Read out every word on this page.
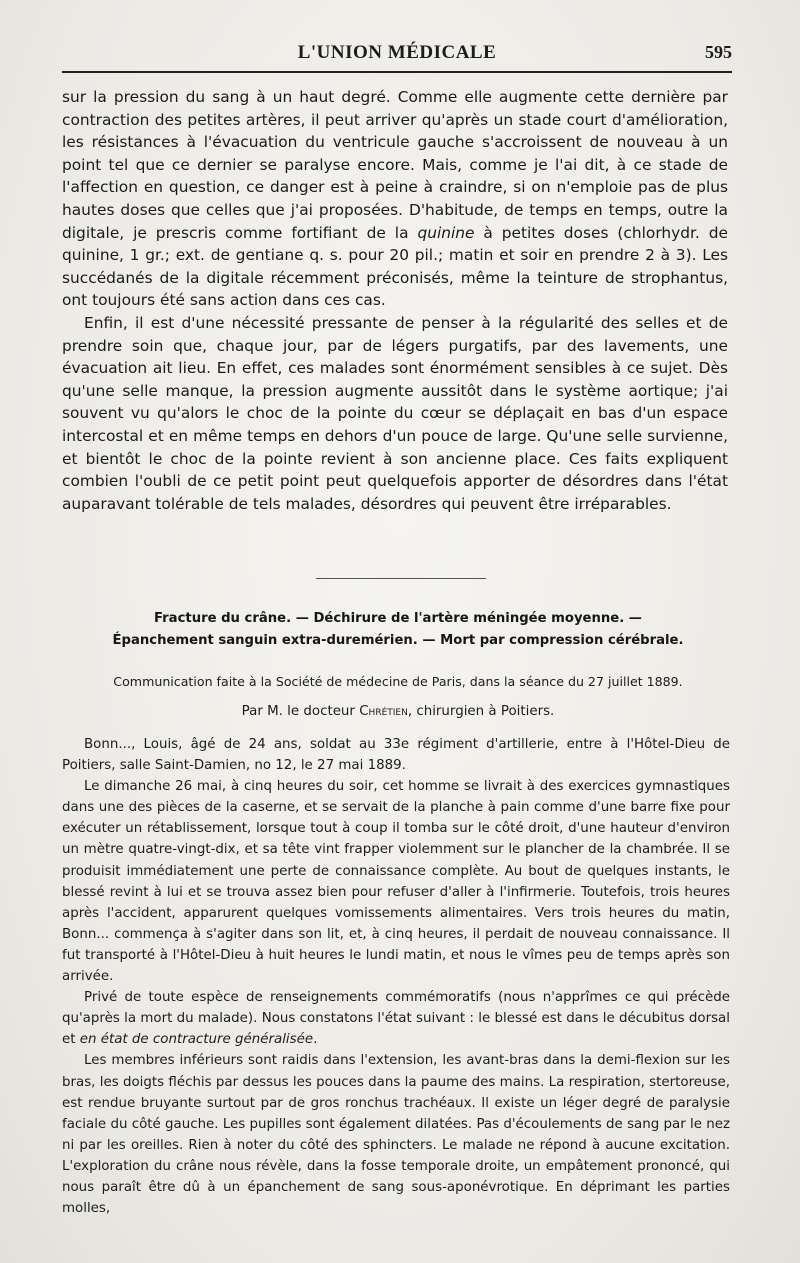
L'UNION MÉDICALE	595

sur la pression du sang à un haut degré. Comme elle augmente cette dernière par contraction des petites artères, il peut arriver qu'après un stade court d'amélioration, les résistances à l'évacuation du ventricule gauche s'accroissent de nouveau à un point tel que ce dernier se paralyse encore. Mais, comme je l'ai dit, à ce stade de l'affection en question, ce danger est à peine à craindre, si on n'emploie pas de plus hautes doses que celles que j'ai proposées. D'habitude, de temps en temps, outre la digitale, je prescris comme fortifiant de la quinine à petites doses (chlorhydr. de quinine, 1 gr.; ext. de gentiane q. s. pour 20 pil.; matin et soir en prendre 2 à 3). Les succédanés de la digitale récemment préconisés, même la teinture de strophantus, ont toujours été sans action dans ces cas.

Enfin, il est d'une nécessité pressante de penser à la régularité des selles et de prendre soin que, chaque jour, par de légers purgatifs, par des lavements, une évacuation ait lieu. En effet, ces malades sont énormément sensibles à ce sujet. Dès qu'une selle manque, la pression augmente aussitôt dans le système aortique; j'ai souvent vu qu'alors le choc de la pointe du cœur se déplaçait en bas d'un espace intercostal et en même temps en dehors d'un pouce de large. Qu'une selle survienne, et bientôt le choc de la pointe revient à son ancienne place. Ces faits expliquent combien l'oubli de ce petit point peut quelquefois apporter de désordres dans l'état auparavant tolérable de tels malades, désordres qui peuvent être irréparables.

Fracture du crâne. — Déchirure de l'artère méningée moyenne. —
Épanchement sanguin extra-duremérien. — Mort par compression cérébrale.
Communication faite à la Société de médecine de Paris, dans la séance du 27 juillet 1889.
Par M. le docteur Chrétien, chirurgien à Poitiers.

Bonn..., Louis, âgé de 24 ans, soldat au 33e régiment d'artillerie, entre à l'Hôtel-Dieu de Poitiers, salle Saint-Damien, no 12, le 27 mai 1889.

Le dimanche 26 mai, à cinq heures du soir, cet homme se livrait à des exercices gymnastiques dans une des pièces de la caserne, et se servait de la planche à pain comme d'une barre fixe pour exécuter un rétablissement, lorsque tout à coup il tomba sur le côté droit, d'une hauteur d'environ un mètre quatre-vingt-dix, et sa tête vint frapper violemment sur le plancher de la chambrée. Il se produisit immédiatement une perte de connaissance complète. Au bout de quelques instants, le blessé revint à lui et se trouva assez bien pour refuser d'aller à l'infirmerie. Toutefois, trois heures après l'accident, apparurent quelques vomissements alimentaires. Vers trois heures du matin, Bonn... commença à s'agiter dans son lit, et, à cinq heures, il perdait de nouveau connaissance. Il fut transporté à l'Hôtel-Dieu à huit heures le lundi matin, et nous le vîmes peu de temps après son arrivée.

Privé de toute espèce de renseignements commémoratifs (nous n'apprîmes ce qui précède qu'après la mort du malade). Nous constatons l'état suivant : le blessé est dans le décubitus dorsal et en état de contracture généralisée.

Les membres inférieurs sont raidis dans l'extension, les avant-bras dans la demi-flexion sur les bras, les doigts fléchis par dessus les pouces dans la paume des mains. La respiration, stertoreuse, est rendue bruyante surtout par de gros ronchus trachéaux. Il existe un léger degré de paralysie faciale du côté gauche. Les pupilles sont également dilatées. Pas d'écoulements de sang par le nez ni par les oreilles. Rien à noter du côté des sphincters. Le malade ne répond à aucune excitation. L'exploration du crâne nous révèle, dans la fosse temporale droite, un empâtement prononcé, qui nous paraît être dû à un épanchement de sang sous-aponévrotique. En déprimant les parties molles,
